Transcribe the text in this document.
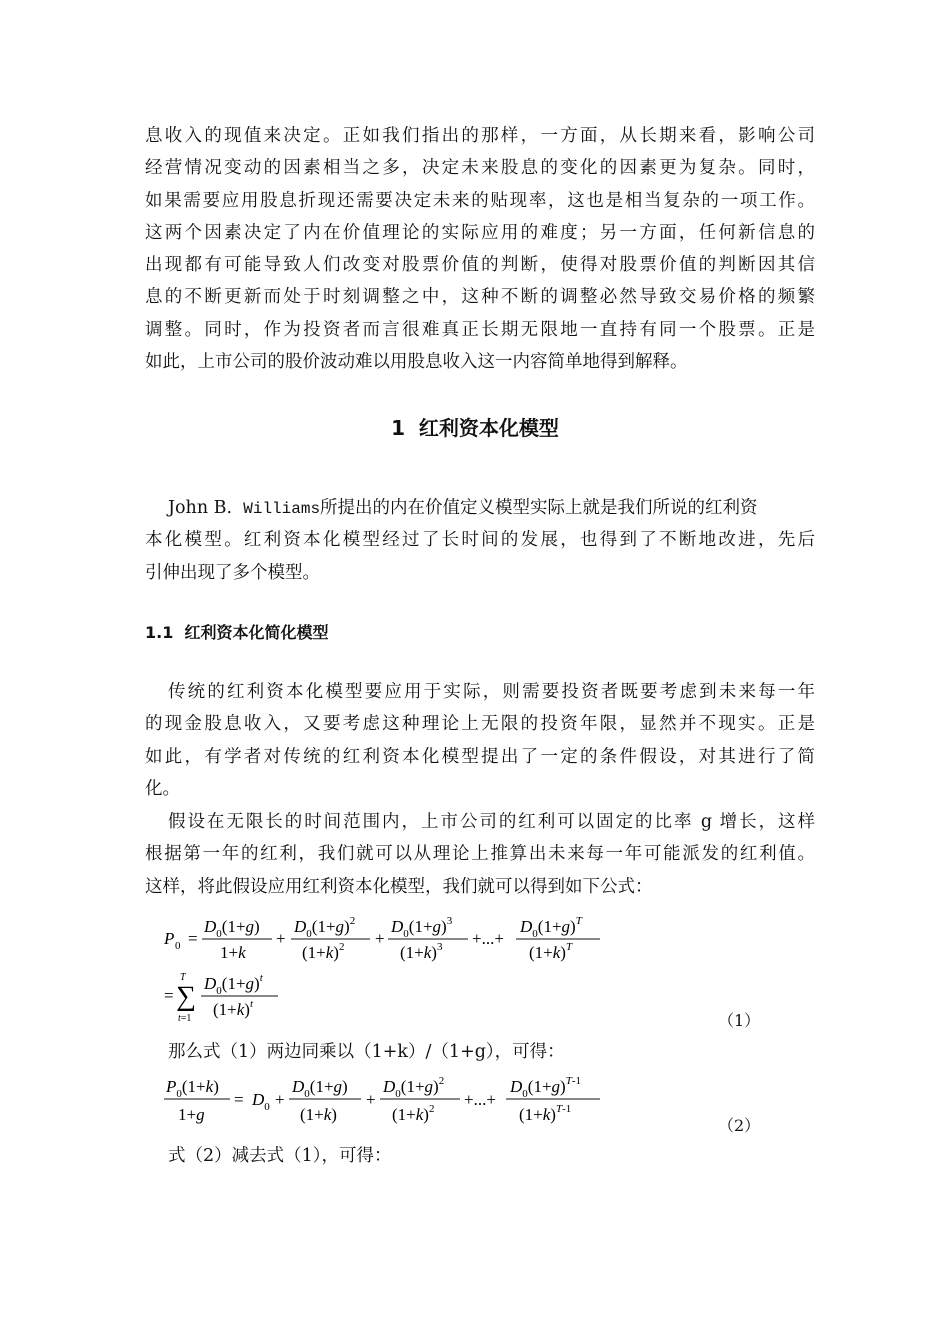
息收入的现值来决定。正如我们指出的那样，一方面，从长期来看，影响公司
经营情况变动的因素相当之多，决定未来股息的变化的因素更为复杂。同时，
如果需要应用股息折现还需要决定未来的贴现率，这也是相当复杂的一项工作。
这两个因素决定了内在价值理论的实际应用的难度；另一方面，任何新信息的
出现都有可能导致人们改变对股票价值的判断，使得对股票价值的判断因其信
息的不断更新而处于时刻调整之中，这种不断的调整必然导致交易价格的频繁
调整。同时，作为投资者而言很难真正长期无限地一直持有同一个股票。正是
如此，上市公司的股价波动难以用股息收入这一内容简单地得到解释。
1 红利资本化模型
John B. Williams所提出的内在价值定义模型实际上就是我们所说的红利资
本化模型。红利资本化模型经过了长时间的发展，也得到了不断地改进，先后
引伸出现了多个模型。
1.1 红利资本化简化模型
传统的红利资本化模型要应用于实际，则需要投资者既要考虑到未来每一年
的现金股息收入，又要考虑这种理论上无限的投资年限，显然并不现实。正是
如此，有学者对传统的红利资本化模型提出了一定的条件假设，对其进行了简
化。
假设在无限长的时间范围内，上市公司的红利可以固定的比率 g 增长，这样
根据第一年的红利，我们就可以从理论上推算出未来每一年可能派发的红利值。
这样，将此假设应用红利资本化模型，我们就可以得到如下公式：
P 0 =
$D_0(1+g)$
1+k
+
$D_0(1+g)^2$
$(1+k)^2$ +
$D_0(1+g)^3$
$(1+k)^3$ +...+
$D_0(1+g)^T$
$(1+k)^T$
=
T
∑
t=1
$D_0(1+g)^t$
$(1+k)^t$
（1）
那么式（1）两边同乘以（1+k）/（1+g），可得：
$P_0(1+k)$
1+g
= $D_0$ +
$D_0(1+g)$
(1+k)
+
$D_0(1+g)^2$
$(1+k)^2$ +...+
$D_0(1+g)^{T-1}$
$(1+k)^{T-1}$
（2）
式（2）减去式（1），可得：
